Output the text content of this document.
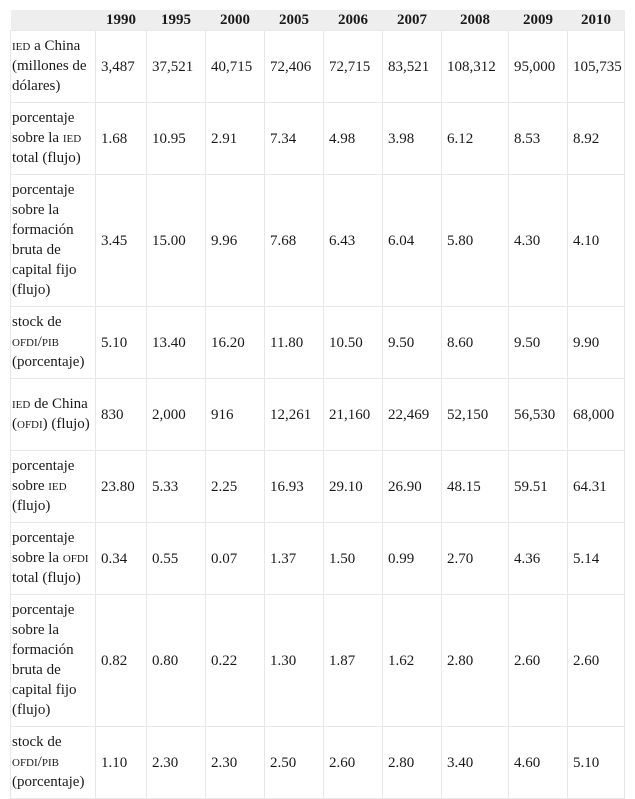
	1990	1995	2000	2005	2006	2007	2008	2009	2010
ied a China (millones de dólares)	3,487	37,521	40,715	72,406	72,715	83,521	108,312	95,000	105,735
porcentaje sobre la ied total (flujo)	1.68	10.95	2.91	7.34	4.98	3.98	6.12	8.53	8.92
porcentaje sobre la formación bruta de capital fijo (flujo)	3.45	15.00	9.96	7.68	6.43	6.04	5.80	4.30	4.10
stock de ofdi/pib (porcentaje)	5.10	13.40	16.20	11.80	10.50	9.50	8.60	9.50	9.90
ied de China (ofdi) (flujo)	830	2,000	916	12,261	21,160	22,469	52,150	56,530	68,000
porcentaje sobre ied (flujo)	23.80	5.33	2.25	16.93	29.10	26.90	48.15	59.51	64.31
porcentaje sobre la ofdi total (flujo)	0.34	0.55	0.07	1.37	1.50	0.99	2.70	4.36	5.14
porcentaje sobre la formación bruta de capital fijo (flujo)	0.82	0.80	0.22	1.30	1.87	1.62	2.80	2.60	2.60
stock de ofdi/pib (porcentaje)	1.10	2.30	2.30	2.50	2.60	2.80	3.40	4.60	5.10
